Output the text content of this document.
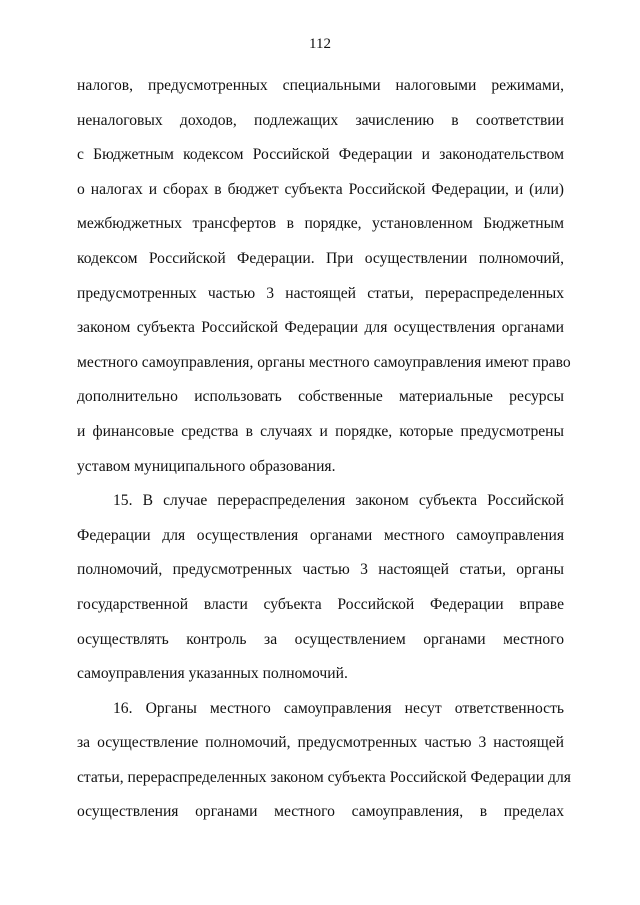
112
налогов, предусмотренных специальными налоговыми режимами,
неналоговых доходов, подлежащих зачислению в соответствии
с Бюджетным кодексом Российской Федерации и законодательством
о налогах и сборах в бюджет субъекта Российской Федерации, и (или)
межбюджетных трансфертов в порядке, установленном Бюджетным
кодексом Российской Федерации. При осуществлении полномочий,
предусмотренных частью 3 настоящей статьи, перераспределенных
законом субъекта Российской Федерации для осуществления органами
местного самоуправления, органы местного самоуправления имеют право
дополнительно использовать собственные материальные ресурсы
и финансовые средства в случаях и порядке, которые предусмотрены
уставом муниципального образования.
15. В случае перераспределения законом субъекта Российской
Федерации для осуществления органами местного самоуправления
полномочий, предусмотренных частью 3 настоящей статьи, органы
государственной власти субъекта Российской Федерации вправе
осуществлять контроль за осуществлением органами местного
самоуправления указанных полномочий.
16. Органы местного самоуправления несут ответственность
за осуществление полномочий, предусмотренных частью 3 настоящей
статьи, перераспределенных законом субъекта Российской Федерации для
осуществления органами местного самоуправления, в пределах
